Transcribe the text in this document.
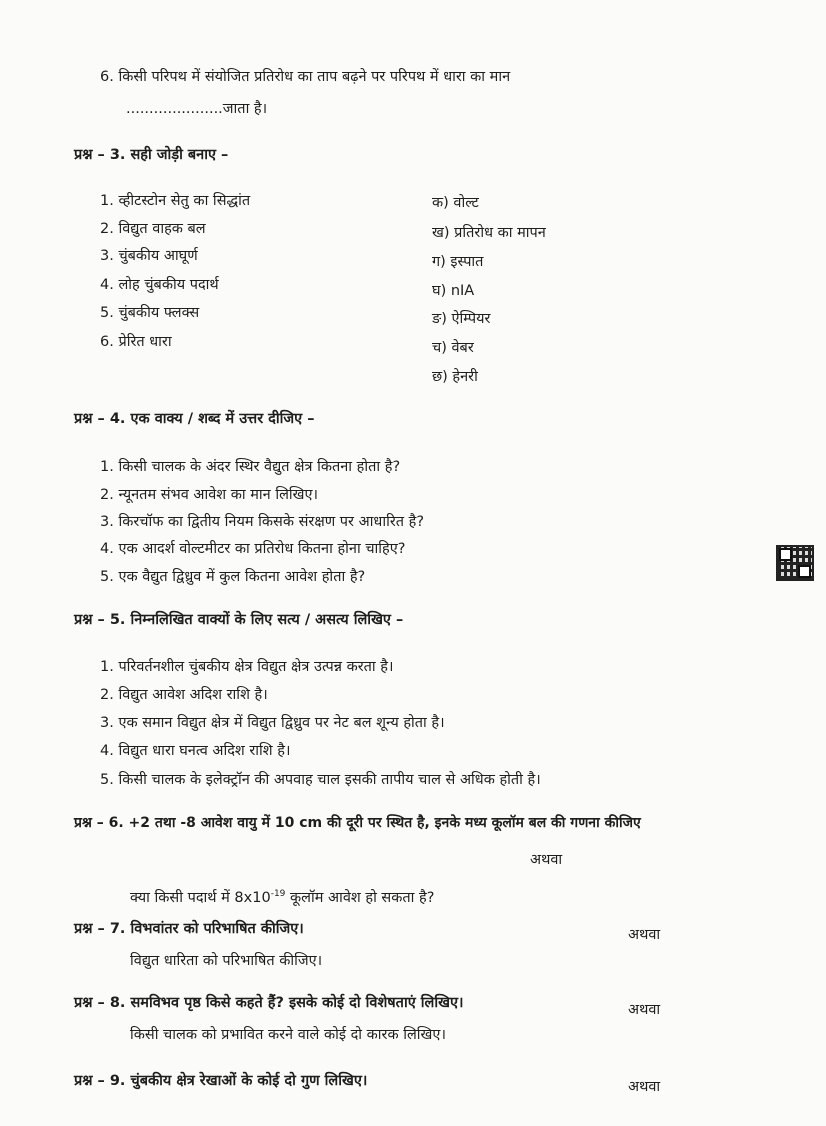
6. किसी परिपथ में संयोजित प्रतिरोध का ताप बढ़ने पर परिपथ में धारा का मान
.....................जाता है।
प्रश्न – 3. सही जोड़ी बनाए –
1. व्हीटस्टोन सेतु का सिद्धांत
2. विद्युत वाहक बल
3. चुंबकीय आघूर्ण
4. लोह चुंबकीय पदार्थ
5. चुंबकीय फ्लक्स
6. प्रेरित धारा
क) वोल्ट
ख) प्रतिरोध का मापन
ग) इस्पात
घ) nIA
ङ) ऐम्पियर
च) वेबर
छ) हेनरी
प्रश्न – 4. एक वाक्य / शब्द में उत्तर दीजिए –
1. किसी चालक के अंदर स्थिर वैद्युत क्षेत्र कितना होता है?
2. न्यूनतम संभव आवेश का मान लिखिए।
3. किरचॉफ का द्वितीय नियम किसके संरक्षण पर आधारित है?
4. एक आदर्श वोल्टमीटर का प्रतिरोध कितना होना चाहिए?
5. एक वैद्युत द्विध्रुव में कुल कितना आवेश होता है?
प्रश्न – 5. निम्नलिखित वाक्यों के लिए सत्य / असत्य लिखिए –
1. परिवर्तनशील चुंबकीय क्षेत्र विद्युत क्षेत्र उत्पन्न करता है।
2. विद्युत आवेश अदिश राशि है।
3. एक समान विद्युत क्षेत्र में विद्युत द्विध्रुव पर नेट बल शून्य होता है।
4. विद्युत धारा घनत्व अदिश राशि है।
5. किसी चालक के इलेक्ट्रॉन की अपवाह चाल इसकी तापीय चाल से अधिक होती है।
प्रश्न – 6. +2 तथा -8 आवेश वायु में 10 cm की दूरी पर स्थित है, इनके मध्य कूलॉम बल की गणना कीजिए
अथवा
क्या किसी पदार्थ में $8x10^{-19}$ कूलॉम आवेश हो सकता है?
प्रश्न – 7. विभवांतर को परिभाषित कीजिए।	अथवा
विद्युत धारिता को परिभाषित कीजिए।
प्रश्न – 8. समविभव पृष्ठ किसे कहते हैं? इसके कोई दो विशेषताएं लिखिए।	अथवा
किसी चालक को प्रभावित करने वाले कोई दो कारक लिखिए।
प्रश्न – 9. चुंबकीय क्षेत्र रेखाओं के कोई दो गुण लिखिए।	अथवा
